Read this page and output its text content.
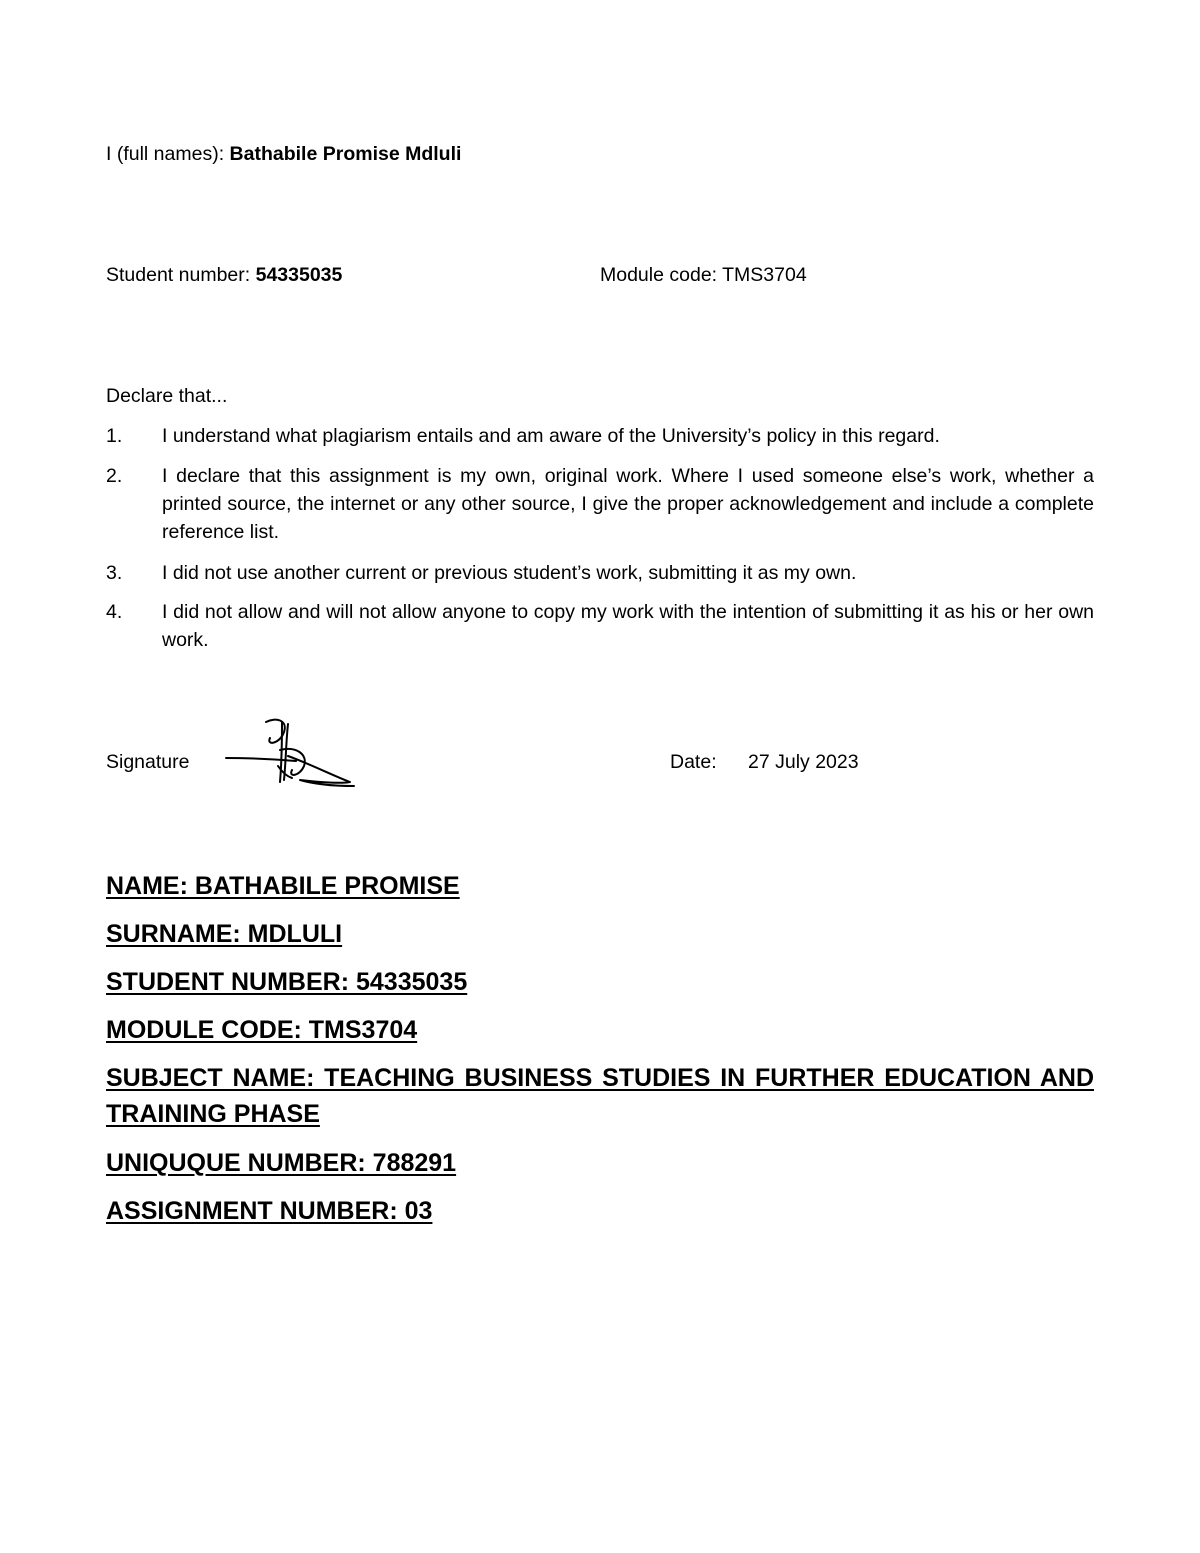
I (full names): Bathabile Promise Mdluli
Student number: 54335035	Module code: TMS3704
Declare that...
1.	I understand what plagiarism entails and am aware of the University’s policy in this regard.
2.	I declare that this assignment is my own, original work. Where I used someone else’s work, whether a printed source, the internet or any other source, I give the proper acknowledgement and include a complete reference list.
3.	I did not use another current or previous student’s work, submitting it as my own.
4.	I did not allow and will not allow anyone to copy my work with the intention of submitting it as his or her own work.
Signature	Date: 27 July 2023
NAME: BATHABILE PROMISE
SURNAME: MDLULI
STUDENT NUMBER: 54335035
MODULE CODE: TMS3704
SUBJECT NAME: TEACHING BUSINESS STUDIES IN FURTHER EDUCATION AND TRAINING PHASE
UNIQUQUE NUMBER: 788291
ASSIGNMENT NUMBER: 03
